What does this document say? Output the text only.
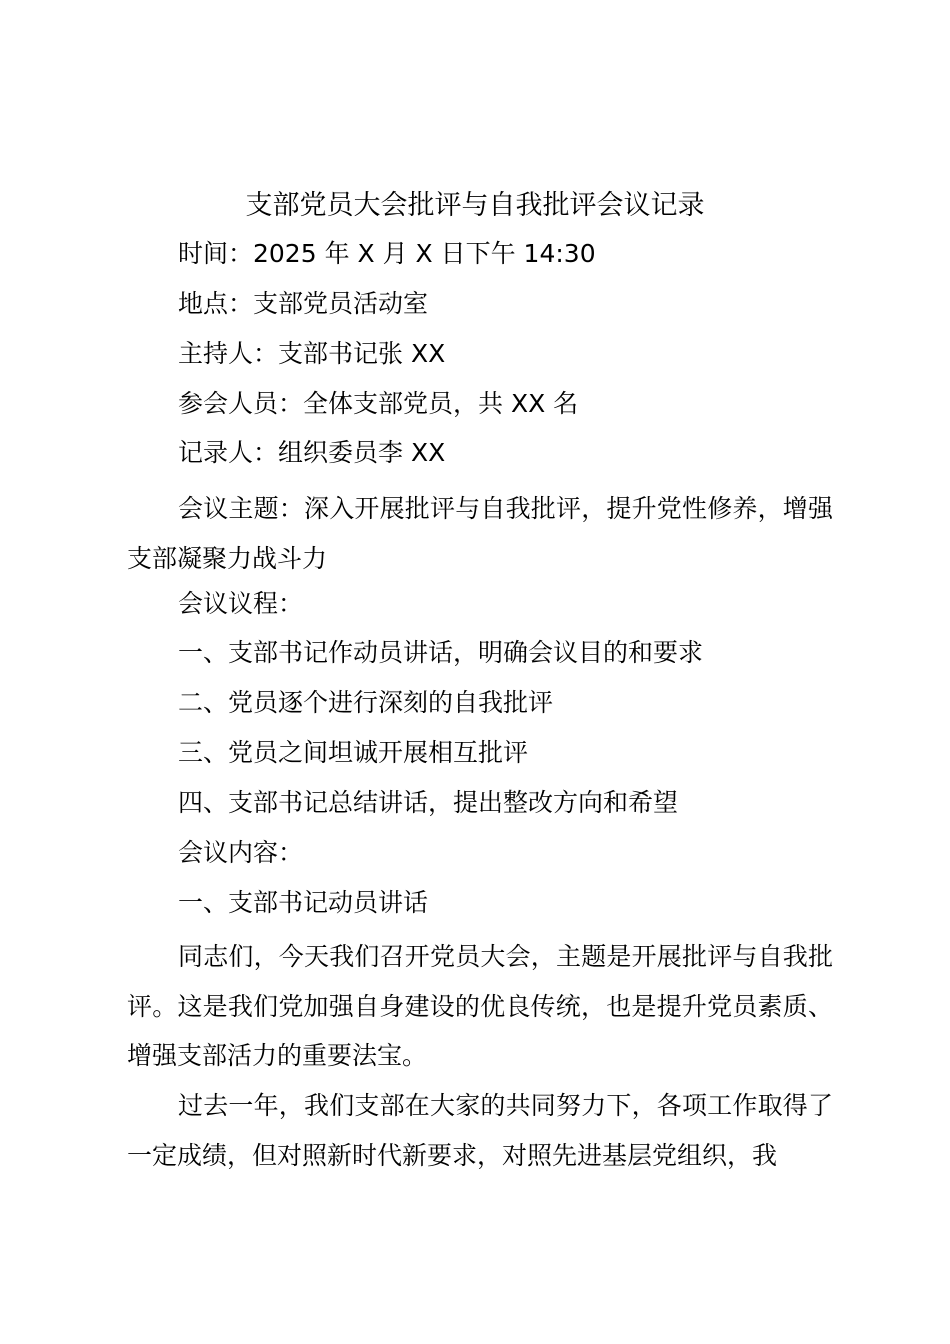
支部党员大会批评与自我批评会议记录
时间：2025 年 X 月 X 日下午 14:30
地点：支部党员活动室
主持人：支部书记张 XX
参会人员：全体支部党员，共 XX 名
记录人：组织委员李 XX
会议主题：深入开展批评与自我批评，提升党性修养，增强支部凝聚力战斗力
会议议程：
一、支部书记作动员讲话，明确会议目的和要求
二、党员逐个进行深刻的自我批评
三、党员之间坦诚开展相互批评
四、支部书记总结讲话，提出整改方向和希望
会议内容：
一、支部书记动员讲话
同志们，今天我们召开党员大会，主题是开展批评与自我批评。这是我们党加强自身建设的优良传统，也是提升党员素质、增强支部活力的重要法宝。
过去一年，我们支部在大家的共同努力下，各项工作取得了一定成绩，但对照新时代新要求，对照先进基层党组织，我
